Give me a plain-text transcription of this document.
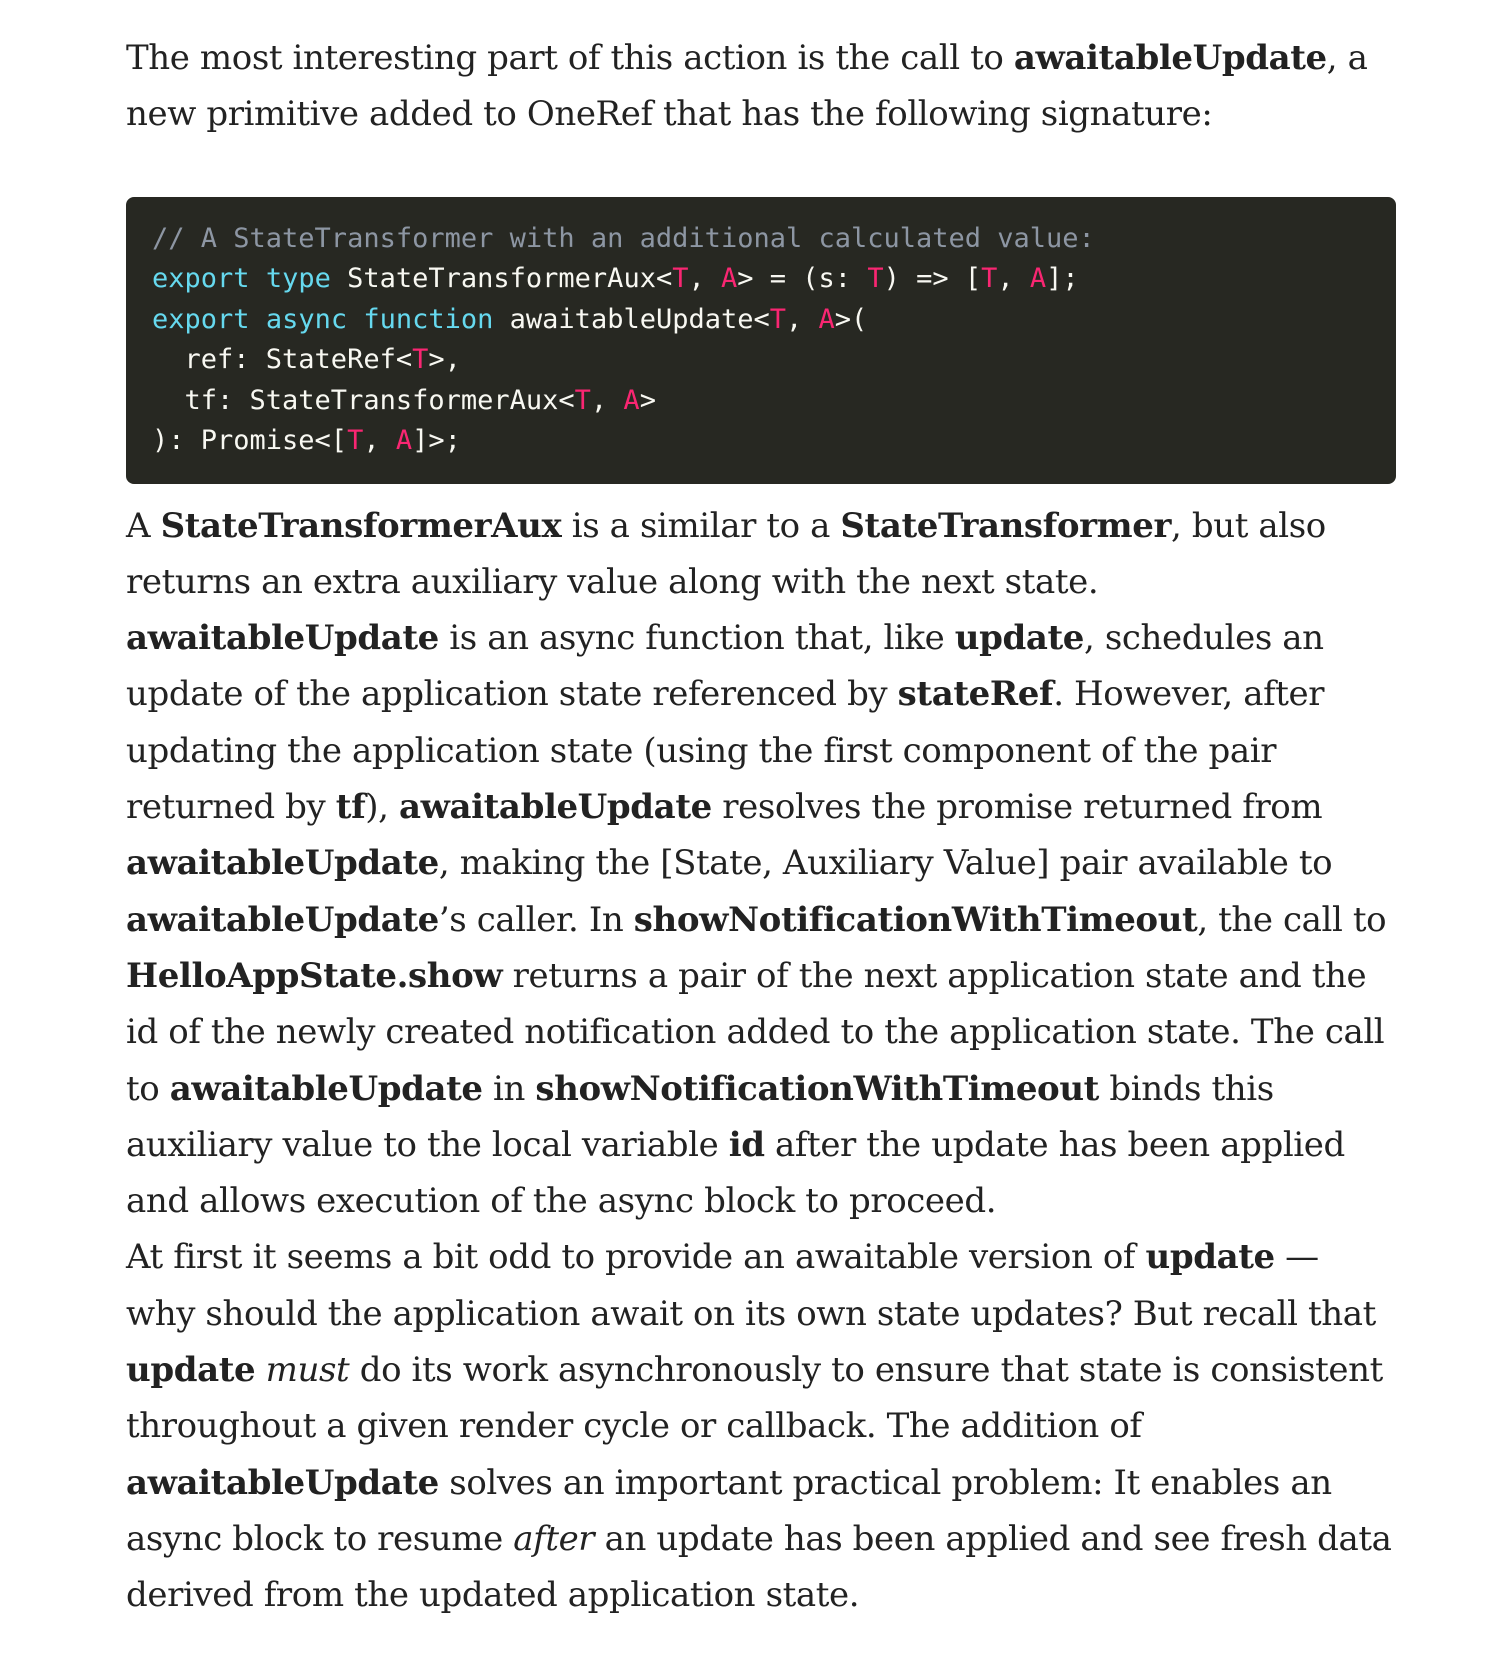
The most interesting part of this action is the call to awaitableUpdate, a new primitive added to OneRef that has the following signature:

// A StateTransformer with an additional calculated value:
export type StateTransformerAux<T, A> = (s: T) => [T, A];
export async function awaitableUpdate<T, A>(
ref: StateRef<T>,
tf: StateTransformerAux<T, A>
): Promise<[T, A]>;

A StateTransformerAux is a similar to a StateTransformer, but also returns an extra auxiliary value along with the next state. awaitableUpdate is an async function that, like update, schedules an update of the application state referenced by stateRef. However, after updating the application state (using the first component of the pair returned by tf), awaitableUpdate resolves the promise returned from awaitableUpdate, making the [State, Auxiliary Value] pair available to awaitableUpdate’s caller. In showNotificationWithTimeout, the call to HelloAppState.show returns a pair of the next application state and the id of the newly created notification added to the application state. The call to awaitableUpdate in showNotificationWithTimeout binds this auxiliary value to the local variable id after the update has been applied and allows execution of the async block to proceed.

At first it seems a bit odd to provide an awaitable version of update — why should the application await on its own state updates? But recall that update must do its work asynchronously to ensure that state is consistent throughout a given render cycle or callback. The addition of awaitableUpdate solves an important practical problem: It enables an async block to resume after an update has been applied and see fresh data derived from the updated application state.
